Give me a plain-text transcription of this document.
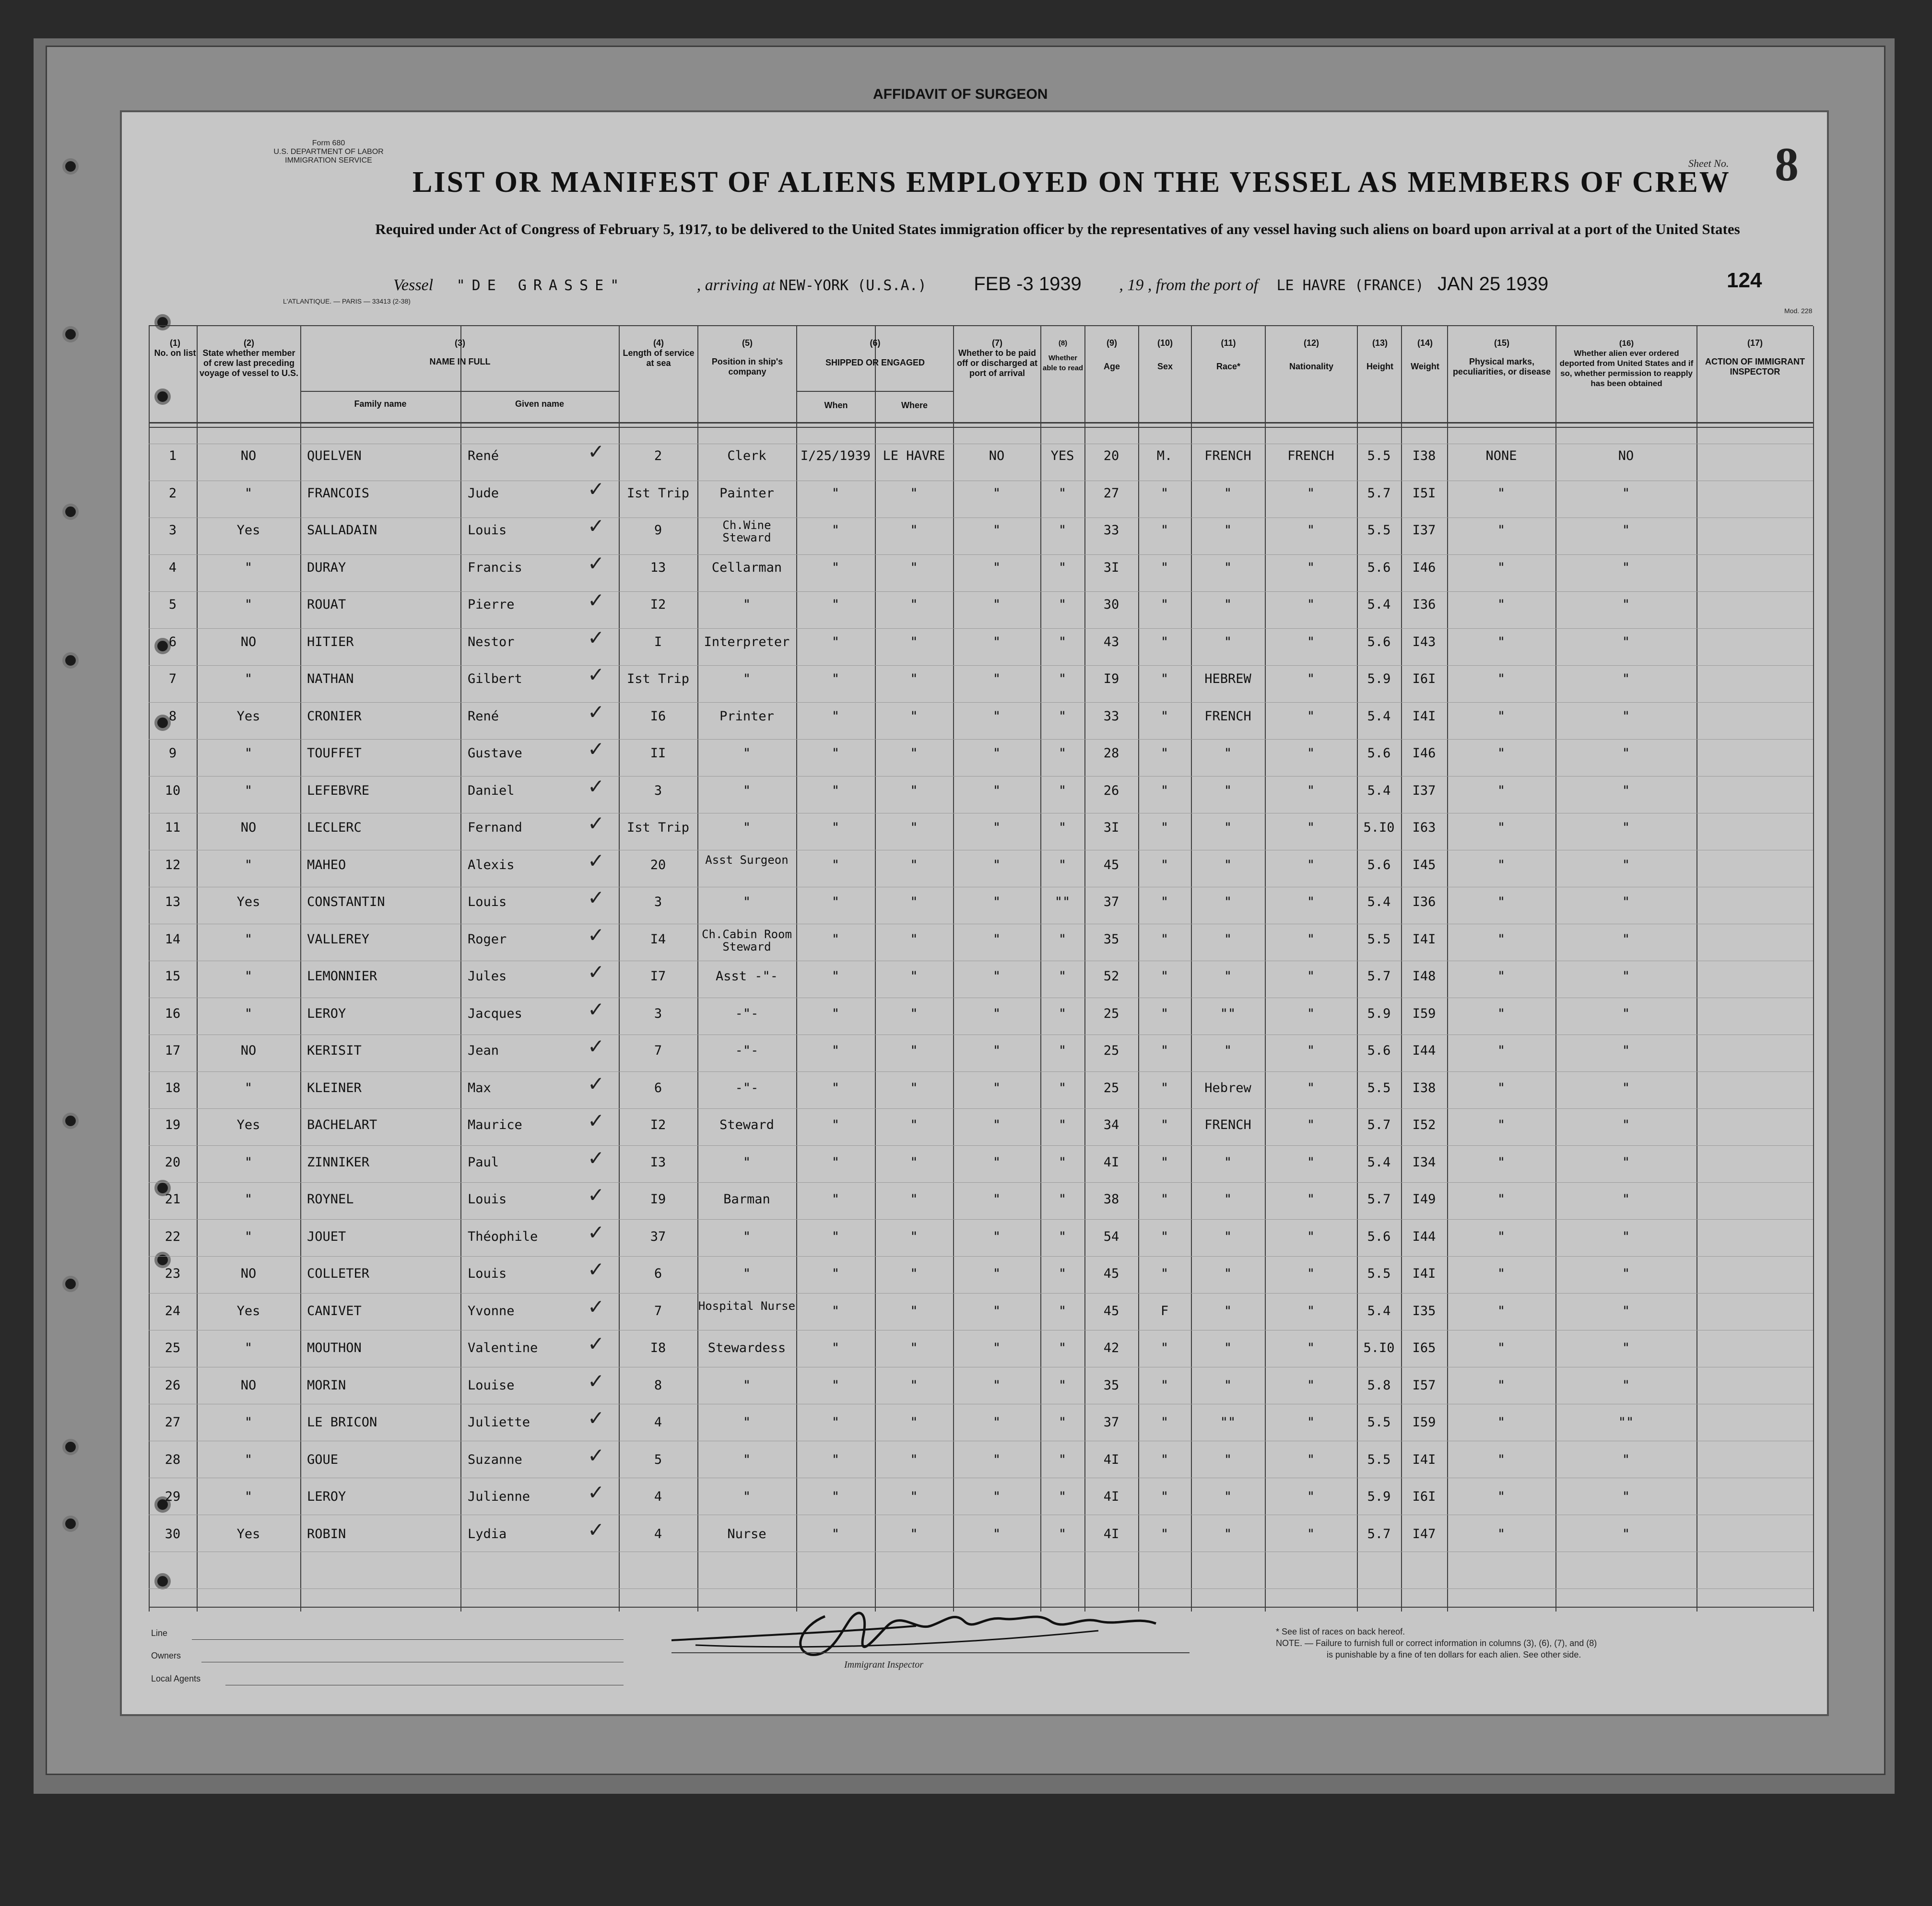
AFFIDAVIT OF SURGEON
Form 680
U.S. DEPARTMENT OF LABOR
IMMIGRATION SERVICE
LIST OR MANIFEST OF ALIENS EMPLOYED ON THE VESSEL AS MEMBERS OF CREW
Sheet No. 8
Required under Act of Congress of February 5, 1917, to be delivered to the United States immigration officer by the representatives of any vessel having such aliens on board upon arrival at a port of the United States
Vessel "DE GRASSE"	, arriving at NEW-YORK (U.S.A.) FEB -3 1939 , 19 , from the port of LE HAVRE (FRANCE) JAN 25 1939	124
L'ATLANTIQUE. — PARIS — 33413 (2-38)
Mod. 228
(1)
No. on list
(2)
State whether member of crew last preceding voyage of vessel to U.S.
(3)
NAME IN FULL
Family name	Given name
(4)
Length of service at sea
(5)
Position in ship's company
(6)
SHIPPED OR ENGAGED
When	Where
(7)
Whether to be paid off or discharged at port of arrival
(8)
Whether able to read
(9)
Age
(10)
Sex
(11)
Race*
(12)
Nationality
(13)
Height
(14)
Weight
(15)
Physical marks, peculiarities, or disease
(16)
Whether alien ever ordered deported from United States and if so, whether permission to reapply has been obtained
(17)
ACTION OF IMMIGRANT INSPECTOR
1	NO	QUELVEN	René	2	Clerk	I/25/1939 LE HAVRE	NO	YES	20	M.	FRENCH	FRENCH	5.5	I38	NONE	NO
✓
2	"	FRANCOIS	Jude	Ist Trip	Painter	"	"	"	"	27	"	"	"	5.7	I5I	"	"
✓
3	Yes	SALLADAIN	Louis	9	Ch.Wine Steward	"	"	"	"	33	"	"	"	5.5	I37	"	"
✓
4	"	DURAY	Francis	13	Cellarman	"	"	"	"	3I	"	"	"	5.6	I46	"	"
✓
5	"	ROUAT	Pierre	I2	"	"	"	"	"	30	"	"	"	5.4	I36	"	"
✓
6	NO	HITIER	Nestor	I	Interpreter	"	"	"	"	43	"	"	"	5.6	I43	"	"
✓
7	"	NATHAN	Gilbert	Ist Trip	"	"	"	"	"	I9	"	HEBREW	"	5.9	I6I	"	"
✓
8	Yes	CRONIER	René	I6	Printer	"	"	"	"	33	"	FRENCH	"	5.4	I4I	"	"
✓
9	"	TOUFFET	Gustave	II	"	"	"	"	"	28	"	"	"	5.6	I46	"	"
✓
10	"	LEFEBVRE	Daniel	3	"	"	"	"	"	26	"	"	"	5.4	I37	"	"
✓
11	NO	LECLERC	Fernand	Ist Trip	"	"	"	"	"	3I	"	"	"	5.I0	I63	"	"
✓
12	"	MAHEO	Alexis	20	Asst Surgeon	"	"	"	"	45	"	"	"	5.6	I45	"	"
✓
13	Yes	CONSTANTIN	Louis	3	"	"	"	"	""	37	"	"	"	5.4	I36	"	"
✓
14	"	VALLEREY	Roger	I4	Ch.Cabin Room Steward	"	"	"	"	35	"	"	"	5.5	I4I	"	"
✓
15	"	LEMONNIER	Jules	I7	Asst -"-	"	"	"	"	52	"	"	"	5.7	I48	"	"
✓
16	"	LEROY	Jacques	3	-"-	"	"	"	"	25	"	""	"	5.9	I59	"	"
✓
17	NO	KERISIT	Jean	7	-"-	"	"	"	"	25	"	"	"	5.6	I44	"	"
✓
18	"	KLEINER	Max	6	-"-	"	"	"	"	25	"	Hebrew	"	5.5	I38	"	"
✓
19	Yes	BACHELART	Maurice	I2	Steward	"	"	"	"	34	"	FRENCH	"	5.7	I52	"	"
✓
20	"	ZINNIKER	Paul	I3	"	"	"	"	"	4I	"	"	"	5.4	I34	"	"
✓
21	"	ROYNEL	Louis	I9	Barman	"	"	"	"	38	"	"	"	5.7	I49	"	"
✓
22	"	JOUET	Théophile	37	"	"	"	"	"	54	"	"	"	5.6	I44	"	"
✓
23	NO	COLLETER	Louis	6	"	"	"	"	"	45	"	"	"	5.5	I4I	"	"
✓
24	Yes	CANIVET	Yvonne	7	Hospital Nurse	"	"	"	"	45	F	"	"	5.4	I35	"	"
✓
25	"	MOUTHON	Valentine	I8	Stewardess	"	"	"	"	42	"	"	"	5.I0	I65	"	"
✓
26	NO	MORIN	Louise	8	"	"	"	"	"	35	"	"	"	5.8	I57	"	"
✓
27	"	LE BRICON	Juliette	4	"	"	"	"	"	37	"	""	"	5.5	I59	"	""
✓
28	"	GOUE	Suzanne	5	"	"	"	"	"	4I	"	"	"	5.5	I4I	"	"
✓
29	"	LEROY	Julienne	4	"	"	"	"	"	4I	"	"	"	5.9	I6I	"	"
✓
30	Yes	ROBIN	Lydia	4	Nurse	"	"	"	"	4I	"	"	"	5.7	I47	"	"
✓
Line
Owners
Local Agents
Immigrant Inspector
* See list of races on back hereof.
NOTE. — Failure to furnish full or correct information in columns (3), (6), (7), and (8)
is punishable by a fine of ten dollars for each alien. See other side.
